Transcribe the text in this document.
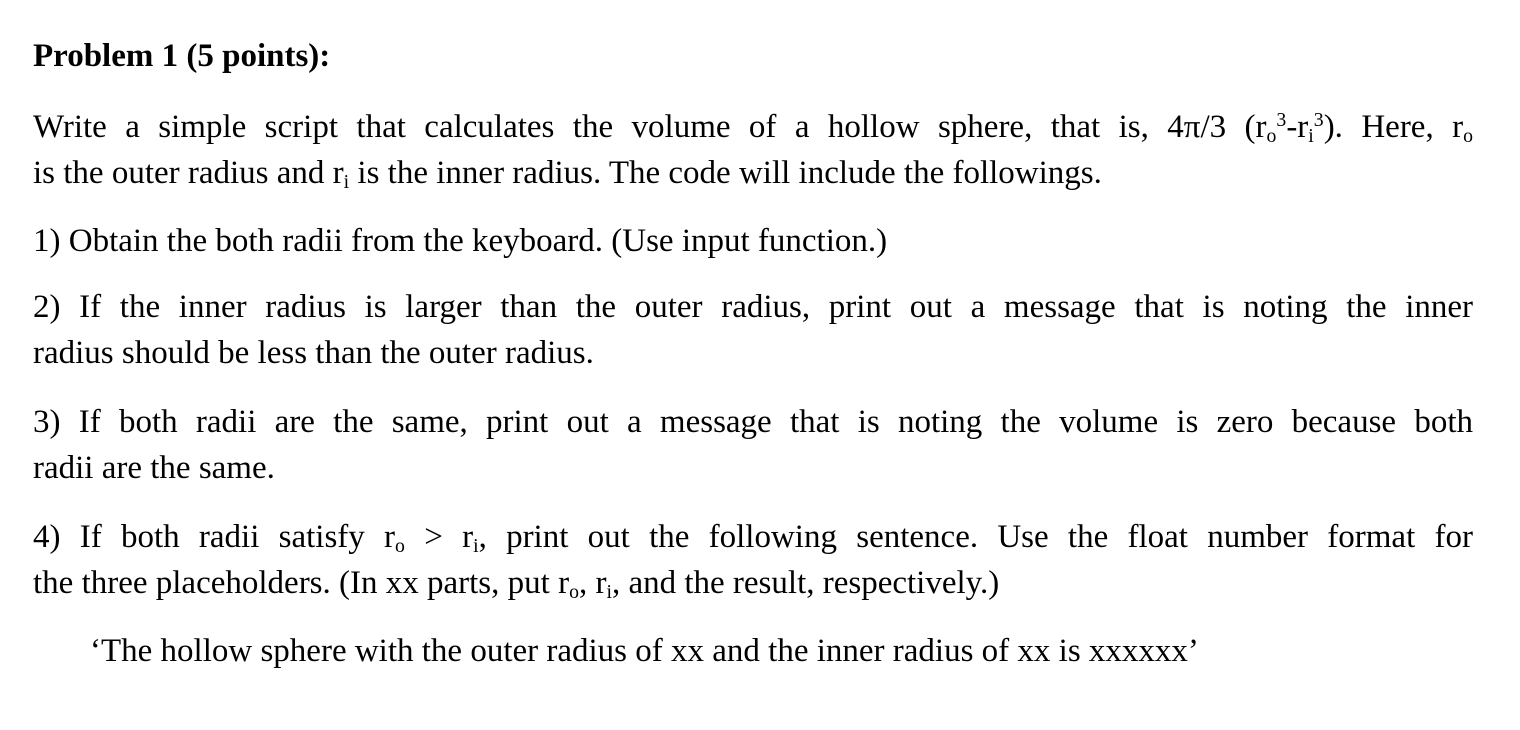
Problem 1 (5 points):
Write a simple script that calculates the volume of a hollow sphere, that is, 4π/3 $(r_o^3-r_i^3)$. Here, $r_o$
is the outer radius and $r_i$ is the inner radius. The code will include the followings.
1) Obtain the both radii from the keyboard. (Use input function.)
2) If the inner radius is larger than the outer radius, print out a message that is noting the inner
radius should be less than the outer radius.
3) If both radii are the same, print out a message that is noting the volume is zero because both
radii are the same.
4) If both radii satisfy $r_o > r_i$, print out the following sentence. Use the float number format for
the three placeholders. (In xx parts, put $r_o$, $r_i$, and the result, respectively.)
‘The hollow sphere with the outer radius of xx and the inner radius of xx is xxxxxx’
